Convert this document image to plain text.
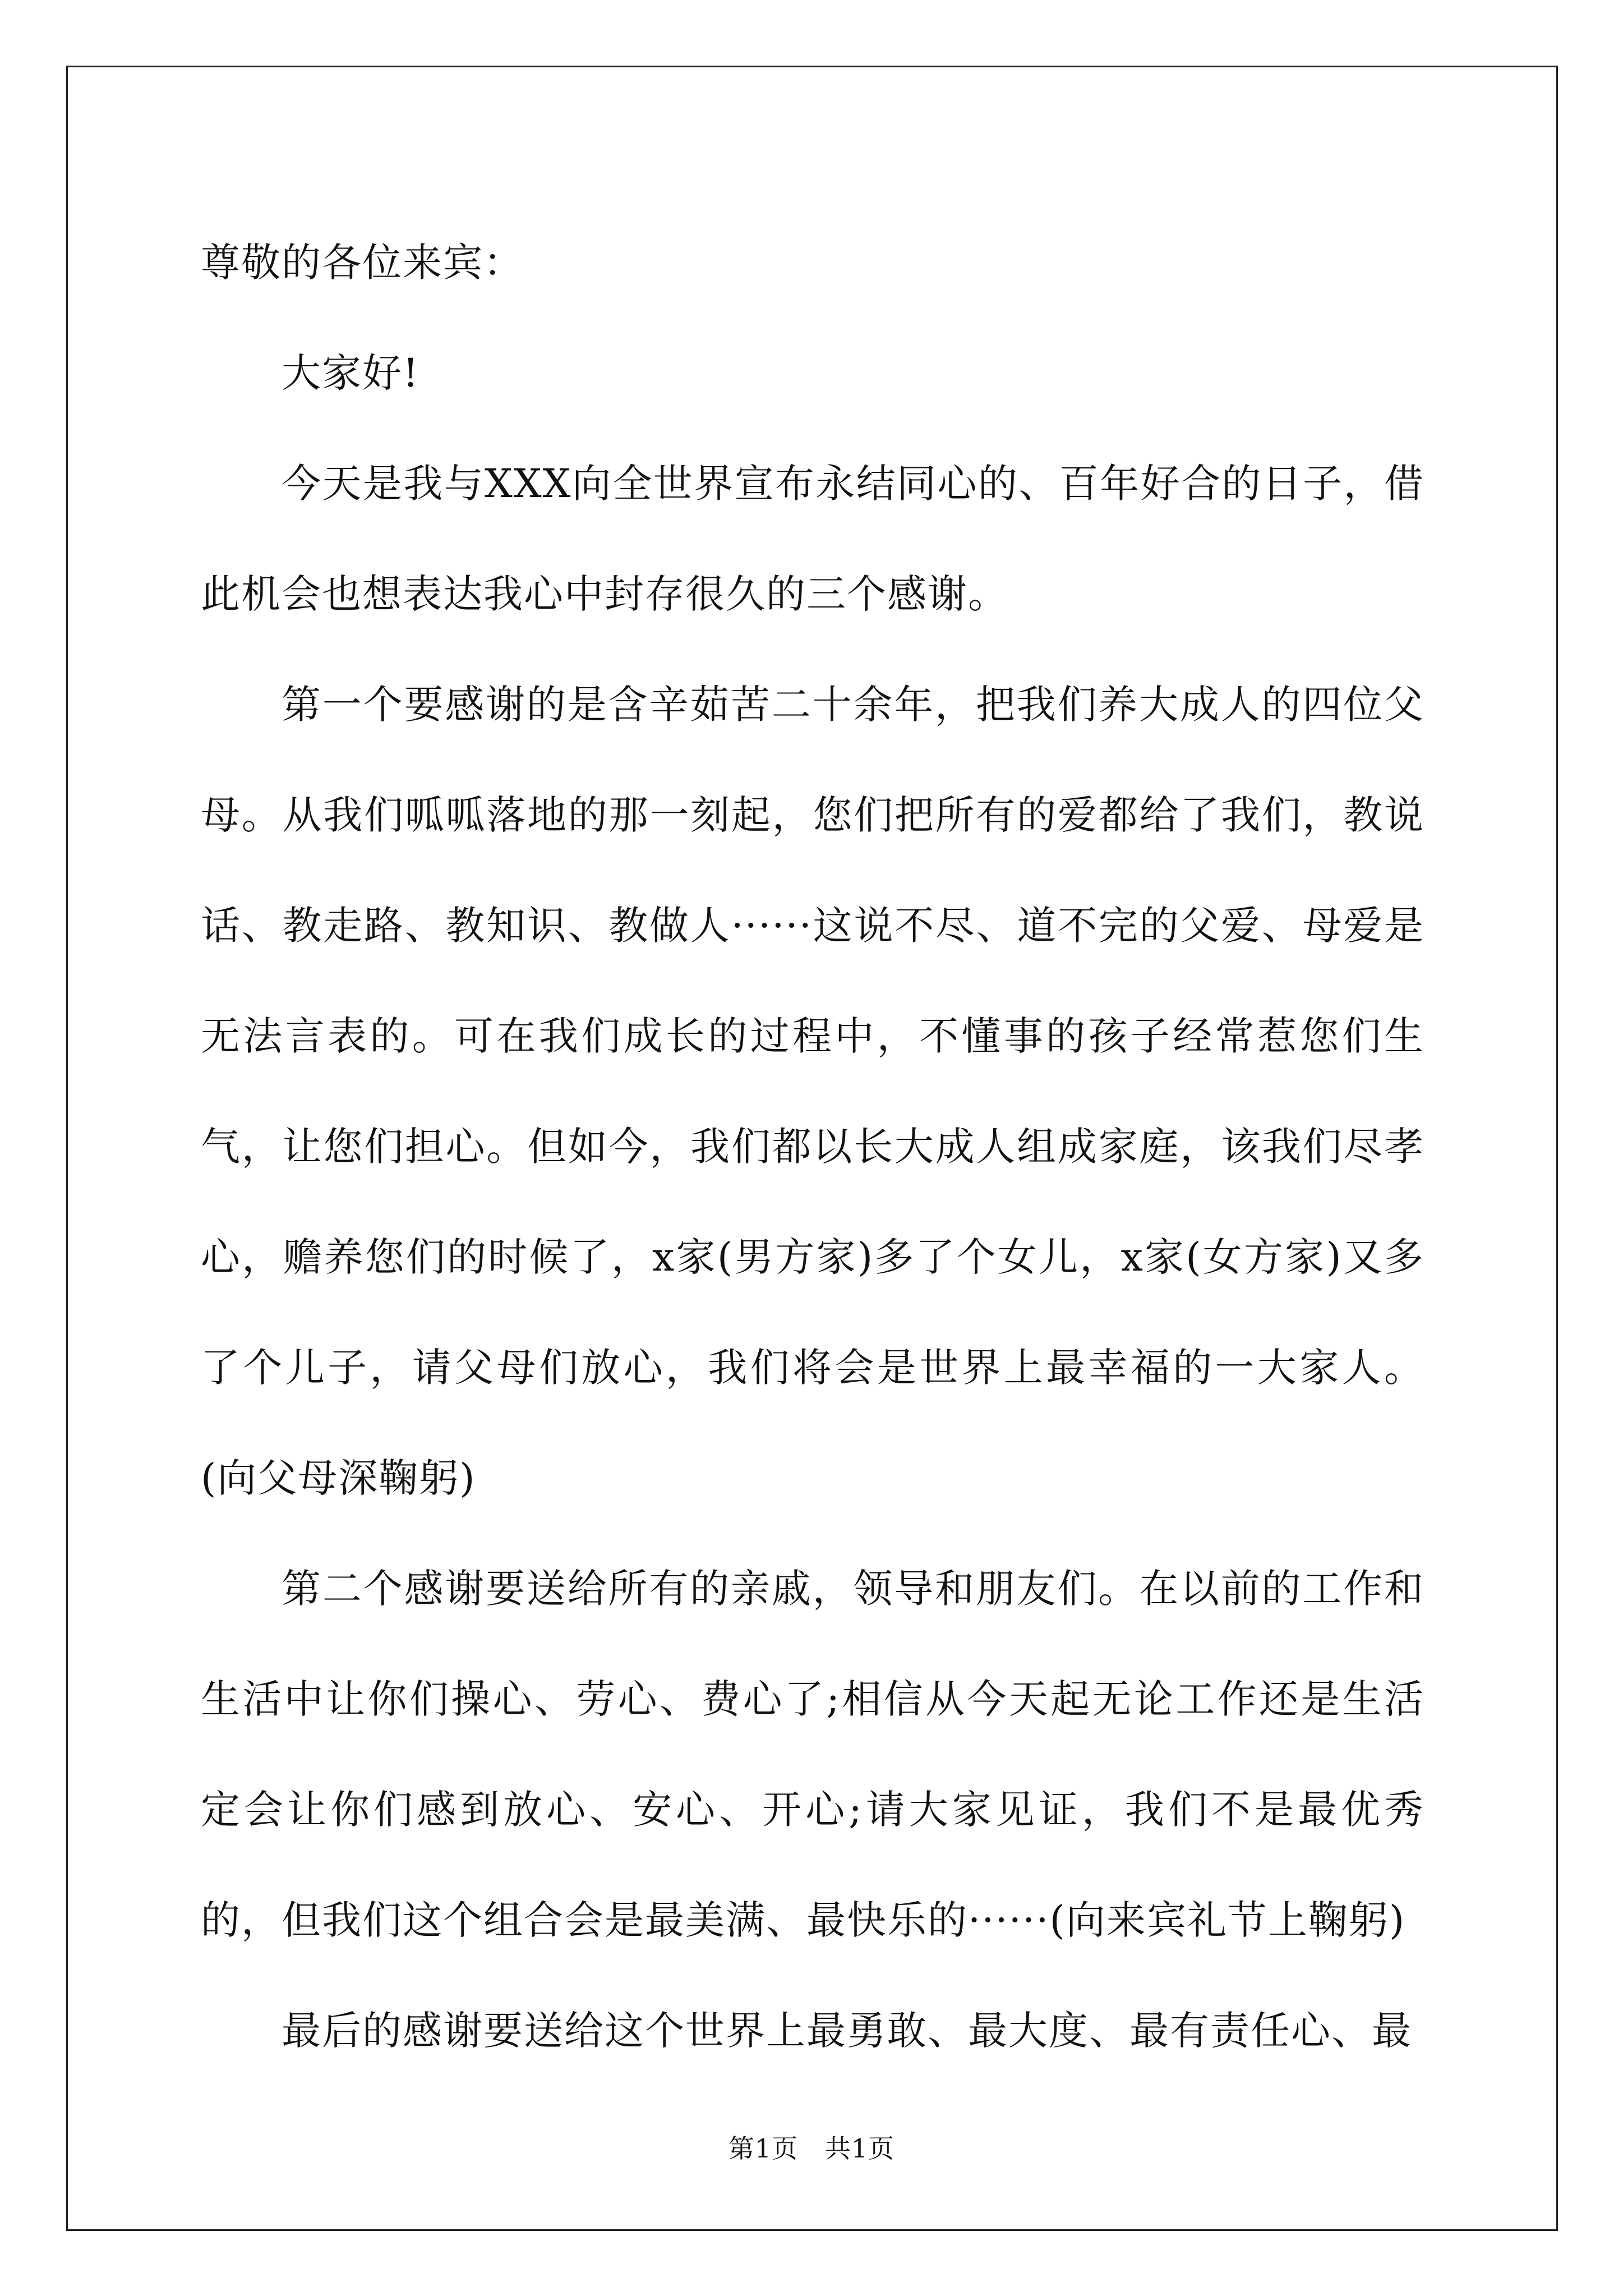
尊敬的各位来宾：

大家好!

今天是我与XXX向全世界宣布永结同心的、百年好合的日子，借此机会也想表达我心中封存很久的三个感谢。

第一个要感谢的是含辛茹苦二十余年，把我们养大成人的四位父母。从我们呱呱落地的那一刻起，您们把所有的爱都给了我们，教说话、教走路、教知识、教做人······这说不尽、道不完的父爱、母爱是无法言表的。可在我们成长的过程中，不懂事的孩子经常惹您们生气，让您们担心。但如今，我们都以长大成人组成家庭，该我们尽孝心，赡养您们的时候了，x家(男方家)多了个女儿，x家(女方家)又多了个儿子，请父母们放心，我们将会是世界上最幸福的一大家人。(向父母深鞠躬)

第二个感谢要送给所有的亲戚，领导和朋友们。在以前的工作和生活中让你们操心、劳心、费心了;相信从今天起无论工作还是生活定会让你们感到放心、安心、开心;请大家见证，我们不是最优秀的，但我们这个组合会是最美满、最快乐的······(向来宾礼节上鞠躬)

最后的感谢要送给这个世界上最勇敢、最大度、最有责任心、最

第1页 共1页
